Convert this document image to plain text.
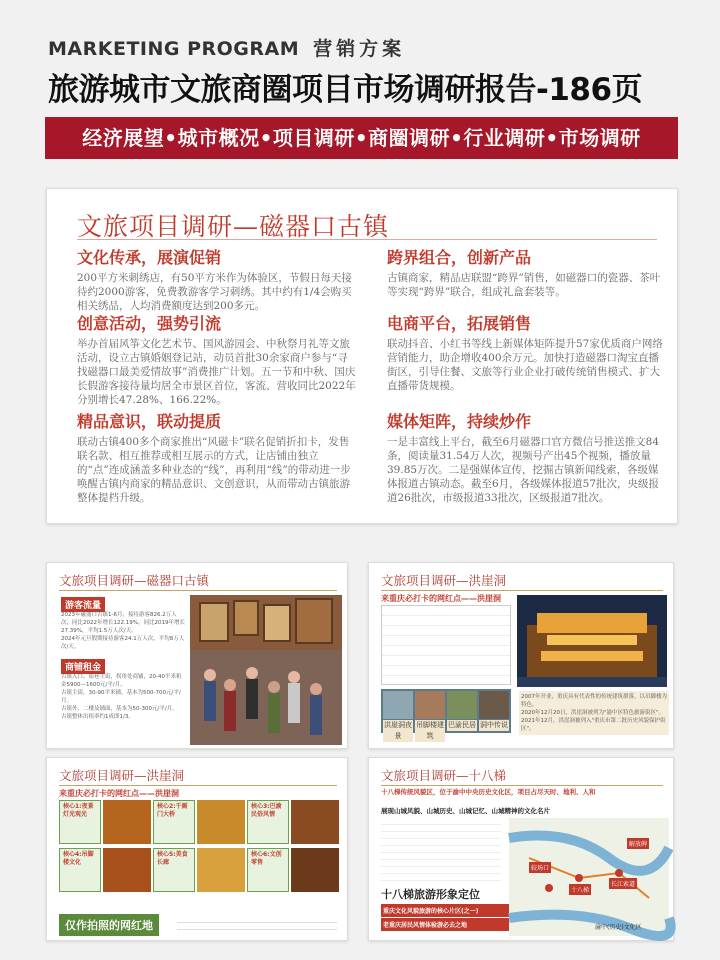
MARKETING PROGRAM 营销方案
旅游城市文旅商圈项目市场调研报告-186页
经济展望•城市概况•项目调研•商圈调研•行业调研•市场调研
文旅项目调研—磁器口古镇
文化传承，展演促销

200平方米刺绣店，有50平方米作为体验区，节假日每天接待约2000游客，免费教游客学习刺绣。其中约有1/4会购买相关绣品，人均消费额度达到200多元。

创意活动，强势引流

举办首届风筝文化艺术节、国风游园会、中秋祭月礼等文旅活动，设立古镇婚姻登记站，动员首批30余家商户参与“寻找磁器口最美爱情故事”消费推广计划。五一节和中秋、国庆长假游客接待量均居全市景区首位，客流、营收同比2022年分别增长47.28%、166.22%。

精品意识，联动提质

联动古镇400多个商家推出“风磁卡”联名促销折扣卡，发售联名款、相互推荐或相互展示的方式，让店铺由独立的“点”连成涵盖多种业态的“线”，再利用“线”的带动进一步唤醒古镇内商家的精品意识、文创意识，从而带动古镇旅游整体提档升级。

跨界组合，创新产品

古镇商家，精品店联盟“跨界”销售，如磁器口的瓷器、茶叶等实现“跨界”联合，组成礼盒套装等。

电商平台，拓展销售

联动抖音、小红书等线上新媒体矩阵提升57家优质商户网络营销能力，助企增收400余万元。加快打造磁器口淘宝直播街区，引导住餐、文旅等行业企业打破传统销售模式、扩大直播带货规模。

媒体矩阵，持续炒作

一是丰富线上平台，截至6月磁器口官方微信号推送推文84条，阅读量31.54万人次，视频号产出45个视频，播放量39.85万次。二是强媒体宣传，挖掘古镇新闻线索，各级媒体报道古镇动态。截至6月，各级媒体报道57批次，央级报道26批次，市级报道33批次，区级报道7批次。

文旅项目调研—磁器口古镇
游客流量
2023年磁器口古镇1-6月，接待游客826.2万人次，同比2022年增长122.19%，同比2019年增长27.39%，平均1.5万人次/天。
2024年元旦假期接待游客24.1万人次，平均8万人次/天。
商铺租金
古镇入口、街巷主街，拐角处商铺，20-40平米租金5900—1600元/平/月。
古镇主街，30-90平米铺，基本为500-700元/平/月。
古镇外、二楼及铺面，基本为50-300元/平/月。
古镇整体出租率约1成即1/3。
文旅项目调研—洪崖洞
来重庆必打卡的网红点——洪崖洞
洪崖洞夜景
吊脚楼建筑
巴渝民居 洞中传说
2007年开业，重庆具有代表性的传统建筑群落，以吊脚楼为特色。
2020年12月20日，洪崖洞被列为"渝中区特色旅游街区"。
2021年12月，洪崖洞被列入"重庆市第二批历史风貌保护街区"。
文旅项目调研—洪崖洞
来重庆必打卡的网红点——洪崖洞
核心1:夜景灯光观光
核心2:千厮门大桥
核心3:巴渝民俗风情
核心4:吊脚楼文化
核心5:美食长廊
核心6:文创零售
仅作拍照的网红地
文旅项目调研—十八梯
十八梯传统风貌区，位于渝中中央历史文化区，项目占尽天时、地利、人和
展现山城风貌、山城历史、山城记忆、山城精神的文化名片
十八梯旅游形象定位
重庆文化风貌旅游的核心片区(之一)
老重庆居民风情体验游必去之地
解放碑
较场口
十八梯
长江索道
渝中(历史)文化区
